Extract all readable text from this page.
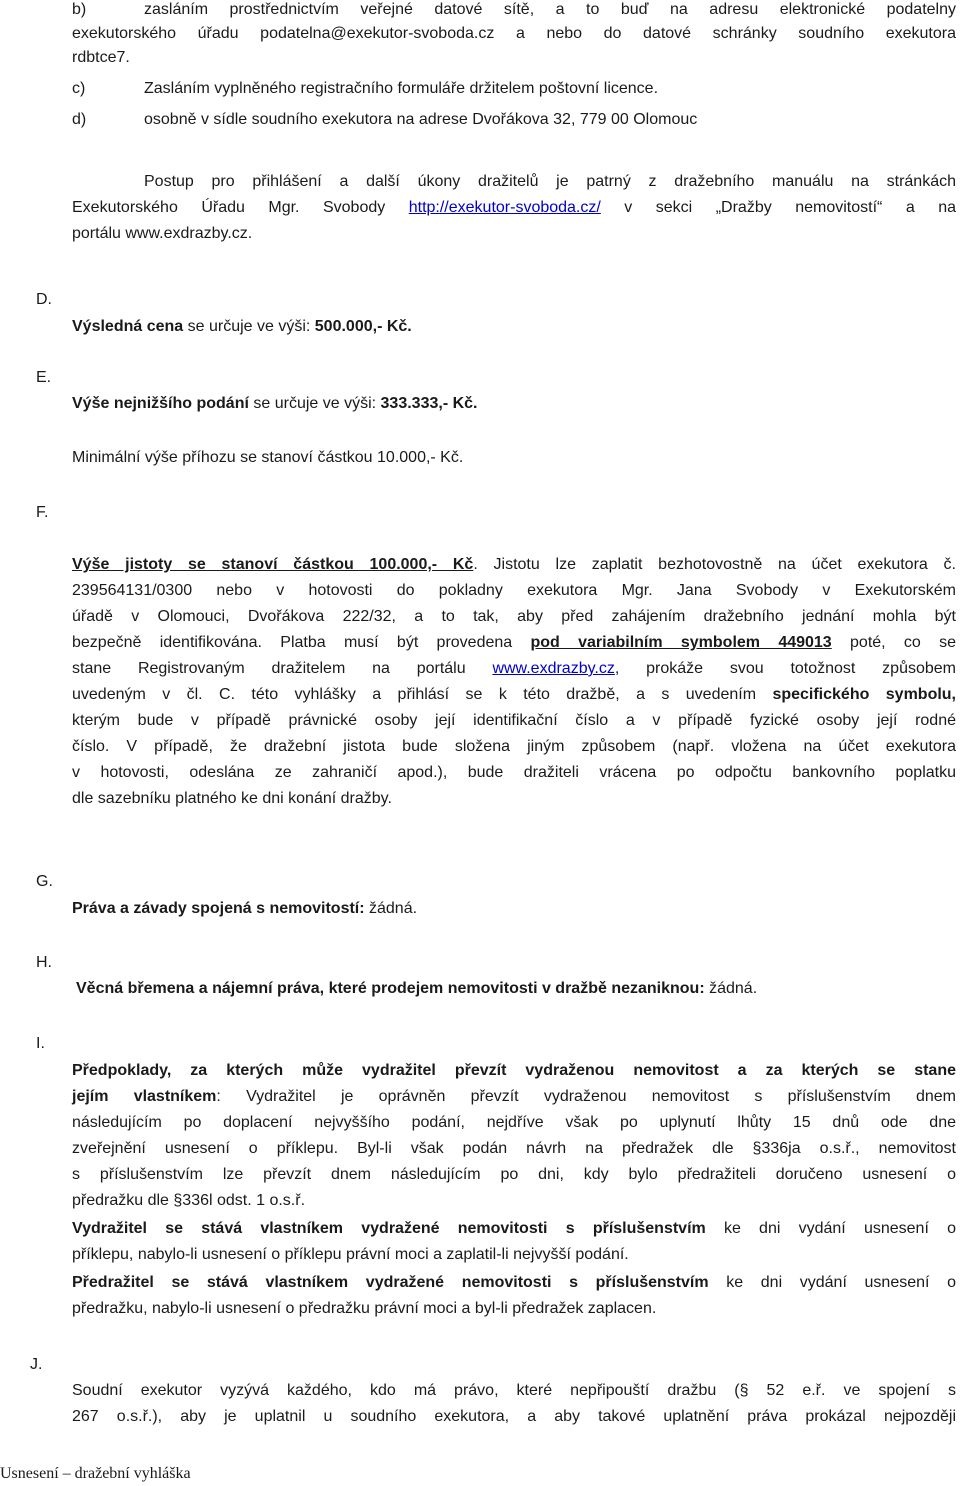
b)	zasláním prostřednictvím veřejné datové sítě, a to buď na adresu elektronické podatelny
exekutorského úřadu podatelna@exekutor-svoboda.cz a nebo do datové schránky soudního exekutora
rdbtce7.
c)	Zasláním vyplněného registračního formuláře držitelem poštovní licence.
d)	osobně v sídle soudního exekutora na adrese Dvořákova 32, 779 00 Olomouc
Postup pro přihlášení a další úkony dražitelů je patrný z dražebního manuálu na stránkách
Exekutorského Úřadu Mgr. Svobody http://exekutor-svoboda.cz/ v sekci „Dražby nemovitostí“ a na
portálu www.exdrazby.cz.
D.
Výsledná cena se určuje ve výši: 500.000,- Kč.
E.
Výše nejnižšího podání se určuje ve výši: 333.333,- Kč.
Minimální výše příhozu se stanoví částkou 10.000,- Kč.
F.
Výše jistoty se stanoví částkou 100.000,- Kč. Jistotu lze zaplatit bezhotovostně na účet exekutora č.
239564131/0300 nebo v hotovosti do pokladny exekutora Mgr. Jana Svobody v Exekutorském
úřadě v Olomouci, Dvořákova 222/32, a to tak, aby před zahájením dražebního jednání mohla být
bezpečně identifikována. Platba musí být provedena pod variabilním symbolem 449013 poté, co se
stane Registrovaným dražitelem na portálu www.exdrazby.cz, prokáže svou totožnost způsobem
uvedeným v čl. C. této vyhlášky a přihlásí se k této dražbě, a s uvedením specifického symbolu,
kterým bude v případě právnické osoby její identifikační číslo a v případě fyzické osoby její rodné
číslo. V případě, že dražební jistota bude složena jiným způsobem (např. vložena na účet exekutora
v hotovosti, odeslána ze zahraničí apod.), bude dražiteli vrácena po odpočtu bankovního poplatku
dle sazebníku platného ke dni konání dražby.
G.
Práva a závady spojená s nemovitostí: žádná.
H.
Věcná břemena a nájemní práva, které prodejem nemovitosti v dražbě nezaniknou: žádná.
I.
Předpoklady, za kterých může vydražitel převzít vydraženou nemovitost a za kterých se stane
jejím vlastníkem: Vydražitel je oprávněn převzít vydraženou nemovitost s příslušenstvím dnem
následujícím po doplacení nejvyššího podání, nejdříve však po uplynutí lhůty 15 dnů ode dne
zveřejnění usnesení o příklepu. Byl-li však podán návrh na předražek dle §336ja o.s.ř., nemovitost
s příslušenstvím lze převzít dnem následujícím po dni, kdy bylo předražiteli doručeno usnesení o
předražku dle §336l odst. 1 o.s.ř.
Vydražitel se stává vlastníkem vydražené nemovitosti s příslušenstvím ke dni vydání usnesení o
příklepu, nabylo-li usnesení o příklepu právní moci a zaplatil-li nejvyšší podání.
Předražitel se stává vlastníkem vydražené nemovitosti s příslušenstvím ke dni vydání usnesení o
předražku, nabylo-li usnesení o předražku právní moci a byl-li předražek zaplacen.
J.
Soudní exekutor vyzývá každého, kdo má právo, které nepřipouští dražbu (§ 52 e.ř. ve spojení s
267 o.s.ř.), aby je uplatnil u soudního exekutora, a aby takové uplatnění práva prokázal nejpozději
Usnesení – dražební vyhláška
